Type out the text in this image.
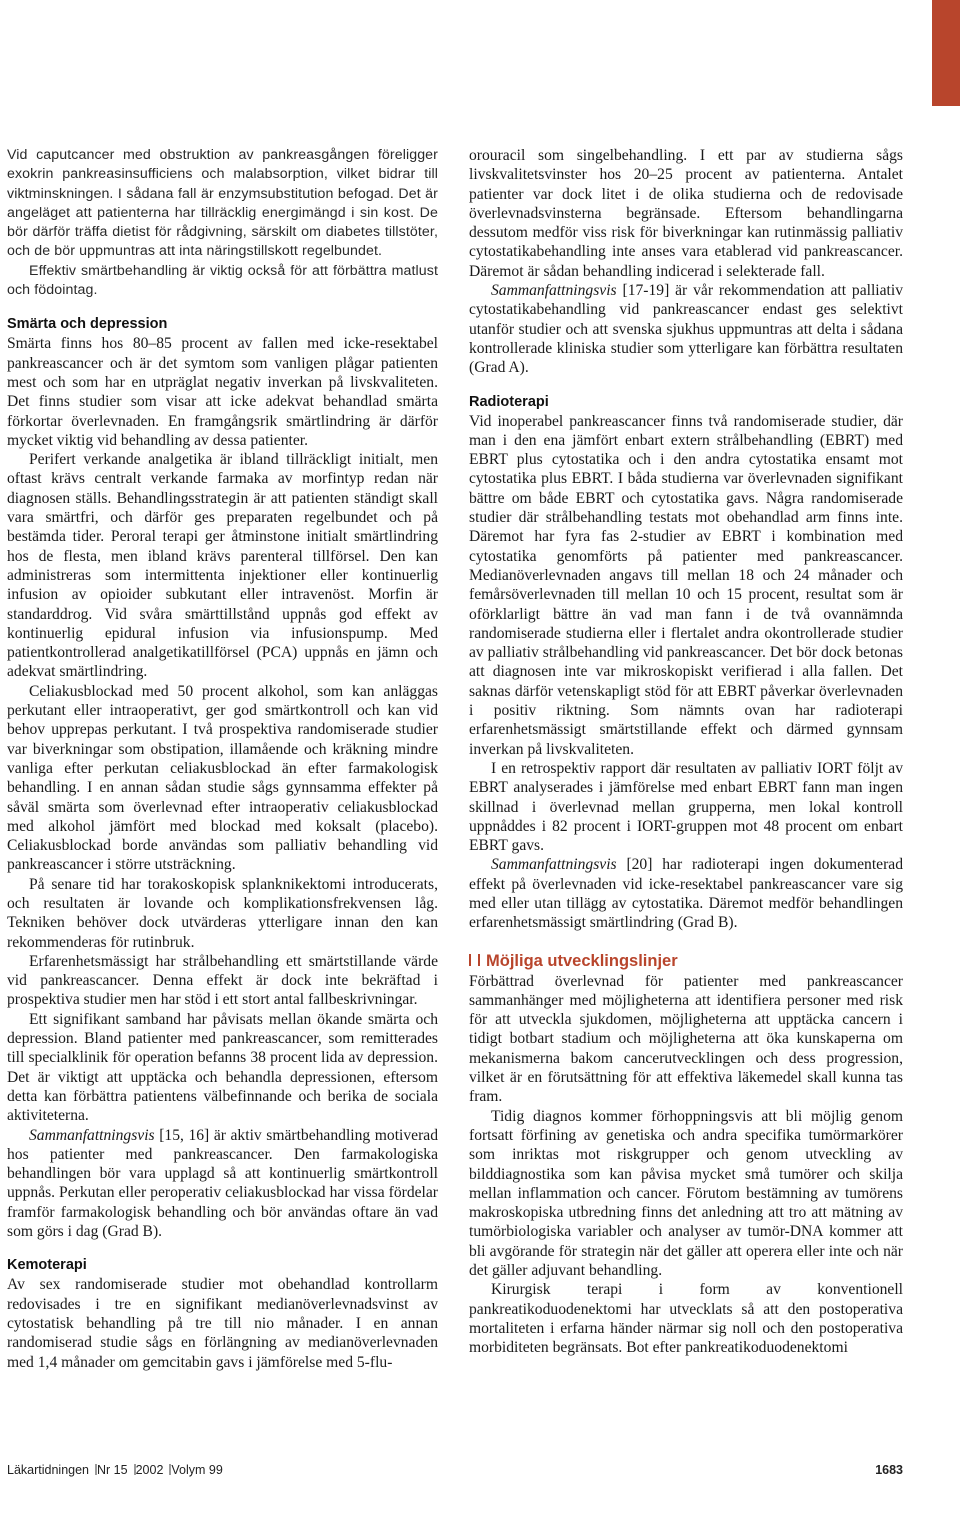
Vid caputcancer med obstruktion av pankreasgången föreligger exokrin pankreasinsufficiens och malabsorption, vilket bidrar till viktminskningen. I sådana fall är enzymsubstitution befogad. Det är angeläget att patienterna har tillräcklig energimängd i sin kost. De bör därför träffa dietist för rådgivning, särskilt om diabetes tillstöter, och de bör uppmuntras att inta näringstillskott regelbundet.

Effektiv smärtbehandling är viktig också för att förbättra matlust och födointag.

Smärta och depression

Smärta finns hos 80–85 procent av fallen med icke-resektabel pankreascancer och är det symtom som vanligen plågar patienten mest och som har en utpräglat negativ inverkan på livskvaliteten. Det finns studier som visar att icke adekvat behandlad smärta förkortar överlevnaden. En framgångsrik smärtlindring är därför mycket viktig vid behandling av dessa patienter.

Perifert verkande analgetika är ibland tillräckligt initialt, men oftast krävs centralt verkande farmaka av morfintyp redan när diagnosen ställs. Behandlingsstrategin är att patienten ständigt skall vara smärtfri, och därför ges preparaten regelbundet och på bestämda tider. Peroral terapi ger åtminstone initialt smärtlindring hos de flesta, men ibland krävs parenteral tillförsel. Den kan administreras som intermittenta injektioner eller kontinuerlig infusion av opioider subkutant eller intravenöst. Morfin är standarddrog. Vid svåra smärttillstånd uppnås god effekt av kontinuerlig epidural infusion via infusionspump. Med patientkontrollerad analgetikatillförsel (PCA) uppnås en jämn och adekvat smärtlindring.

Celiakusblockad med 50 procent alkohol, som kan anläggas perkutant eller intraoperativt, ger god smärtkontroll och kan vid behov upprepas perkutant. I två prospektiva randomiserade studier var biverkningar som obstipation, illamående och kräkning mindre vanliga efter perkutan celiakusblockad än efter farmakologisk behandling. I en annan sådan studie sågs gynnsamma effekter på såväl smärta som överlevnad efter intraoperativ celiakusblockad med alkohol jämfört med blockad med koksalt (placebo). Celiakusblockad borde användas som palliativ behandling vid pankreascancer i större utsträckning.

På senare tid har torakoskopisk splanknikektomi introducerats, och resultaten är lovande och komplikationsfrekvensen låg. Tekniken behöver dock utvärderas ytterligare innan den kan rekommenderas för rutinbruk.

Erfarenhetsmässigt har strålbehandling ett smärtstillande värde vid pankreascancer. Denna effekt är dock inte bekräftad i prospektiva studier men har stöd i ett stort antal fallbeskrivningar.

Ett signifikant samband har påvisats mellan ökande smärta och depression. Bland patienter med pankreascancer, som remitterades till specialklinik för operation befanns 38 procent lida av depression. Det är viktigt att upptäcka och behandla depressionen, eftersom detta kan förbättra patientens välbefinnande och berika de sociala aktiviteterna.

Sammanfattningsvis [15, 16] är aktiv smärtbehandling motiverad hos patienter med pankreascancer. Den farmakologiska behandlingen bör vara upplagd så att kontinuerlig smärtkontroll uppnås. Perkutan eller peroperativ celiakusblockad har vissa fördelar framför farmakologisk behandling och bör användas oftare än vad som görs i dag (Grad B).

Kemoterapi

Av sex randomiserade studier mot obehandlad kontrollarm redovisades i tre en signifikant medianöverlevnadsvinst av cytostatisk behandling på tre till nio månader. I en annan randomiserad studie sågs en förlängning av medianöverlevnaden med 1,4 månader om gemcitabin gavs i jämförelse med 5-flu-

orouracil som singelbehandling. I ett par av studierna sågs livskvalitetsvinster hos 20–25 procent av patienterna. Antalet patienter var dock litet i de olika studierna och de redovisade överlevnadsvinsterna begränsade. Eftersom behandlingarna dessutom medför viss risk för biverkningar kan rutinmässig palliativ cytostatikabehandling inte anses vara etablerad vid pankreascancer. Däremot är sådan behandling indicerad i selekterade fall.

Sammanfattningsvis [17-19] är vår rekommendation att palliativ cytostatikabehandling vid pankreascancer endast ges selektivt utanför studier och att svenska sjukhus uppmuntras att delta i sådana kontrollerade kliniska studier som ytterligare kan förbättra resultaten (Grad A).

Radioterapi

Vid inoperabel pankreascancer finns två randomiserade studier, där man i den ena jämfört enbart extern strålbehandling (EBRT) med EBRT plus cytostatika och i den andra cytostatika ensamt mot cytostatika plus EBRT. I båda studierna var överlevnaden signifikant bättre om både EBRT och cytostatika gavs. Några randomiserade studier där strålbehandling testats mot obehandlad arm finns inte. Däremot har fyra fas 2-studier av EBRT i kombination med cytostatika genomförts på patienter med pankreascancer. Medianöverlevnaden angavs till mellan 18 och 24 månader och femårsöverlevnaden till mellan 10 och 15 procent, resultat som är oförklarligt bättre än vad man fann i de två ovannämnda randomiserade studierna eller i flertalet andra okontrollerade studier av palliativ strålbehandling vid pankreascancer. Det bör dock betonas att diagnosen inte var mikroskopiskt verifierad i alla fallen. Det saknas därför vetenskapligt stöd för att EBRT påverkar överlevnaden i positiv riktning. Som nämnts ovan har radioterapi erfarenhetsmässigt smärtstillande effekt och därmed gynnsam inverkan på livskvaliteten.

I en retrospektiv rapport där resultaten av palliativ IORT följt av EBRT analyserades i jämförelse med enbart EBRT fann man ingen skillnad i överlevnad mellan grupperna, men lokal kontroll uppnåddes i 82 procent i IORT-gruppen mot 48 procent om enbart EBRT gavs.

Sammanfattningsvis [20] har radioterapi ingen dokumenterad effekt på överlevnaden vid icke-resektabel pankreascancer vare sig med eller utan tillägg av cytostatika. Däremot medför behandlingen erfarenhetsmässigt smärtlindring (Grad B).

Möjliga utvecklingslinjer

Förbättrad överlevnad för patienter med pankreascancer sammanhänger med möjligheterna att identifiera personer med risk för att utveckla sjukdomen, möjligheterna att upptäcka cancern i tidigt botbart stadium och möjligheterna att öka kunskaperna om mekanismerna bakom cancerutvecklingen och dess progression, vilket är en förutsättning för att effektiva läkemedel skall kunna tas fram.

Tidig diagnos kommer förhoppningsvis att bli möjlig genom fortsatt förfining av genetiska och andra specifika tumörmarkörer som inriktas mot riskgrupper och genom utveckling av bilddiagnostika som kan påvisa mycket små tumörer och skilja mellan inflammation och cancer. Förutom bestämning av tumörens makroskopiska utbredning finns det anledning att tro att mätning av tumörbiologiska variabler och analyser av tumör-DNA kommer att bli avgörande för strategin när det gäller att operera eller inte och när det gäller adjuvant behandling.

Kirurgisk terapi i form av konventionell pankreatikoduodenektomi har utvecklats så att den postoperativa mortaliteten i erfarna händer närmar sig noll och den postoperativa morbiditeten begränsats. Bot efter pankreatikoduodenektomi

Läkartidningen Nr 15 2002 Volym 99	1683
